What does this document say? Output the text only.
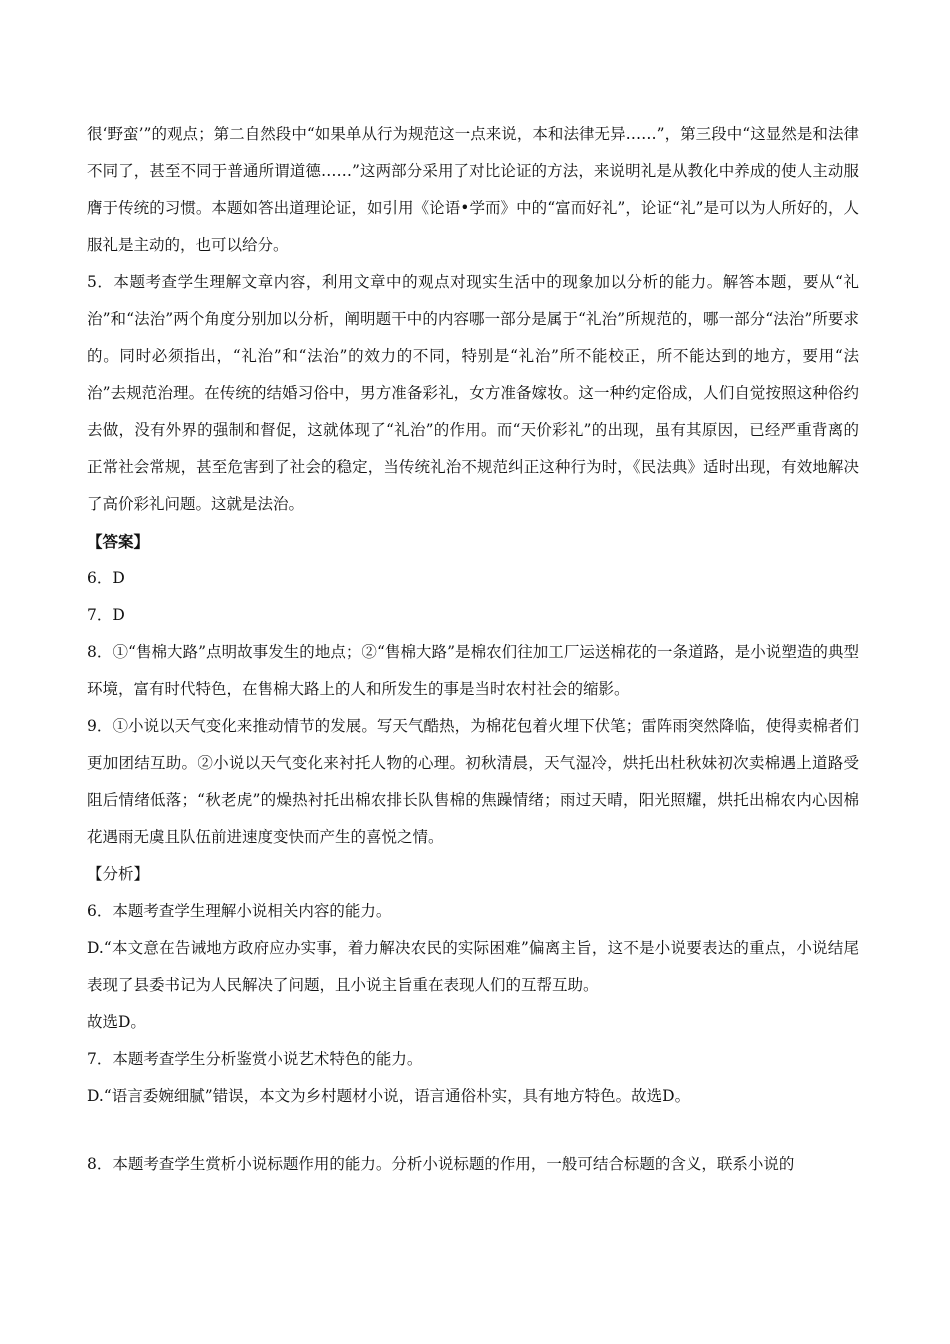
很‘野蛮’”的观点；第二自然段中“如果单从行为规范这一点来说，本和法律无异……”，第三段中“这显然是和法律不同了，甚至不同于普通所谓道德……”这两部分采用了对比论证的方法，来说明礼是从教化中养成的使人主动服膺于传统的习惯。本题如答出道理论证，如引用《论语•学而》中的“富而好礼”，论证“礼”是可以为人所好的，人服礼是主动的，也可以给分。

5．本题考查学生理解文章内容，利用文章中的观点对现实生活中的现象加以分析的能力。解答本题，要从“礼治”和“法治”两个角度分别加以分析，阐明题干中的内容哪一部分是属于“礼治”所规范的，哪一部分“法治”所要求的。同时必须指出，“礼治”和“法治”的效力的不同，特别是“礼治”所不能校正，所不能达到的地方，要用“法治”去规范治理。在传统的结婚习俗中，男方准备彩礼，女方准备嫁妆。这一种约定俗成，人们自觉按照这种俗约去做，没有外界的强制和督促，这就体现了“礼治”的作用。而“天价彩礼”的出现，虽有其原因，已经严重背离的正常社会常规，甚至危害到了社会的稳定，当传统礼治不规范纠正这种行为时，《民法典》适时出现，有效地解决了高价彩礼问题。这就是法治。

【答案】

6．D

7．D

8．①“售棉大路”点明故事发生的地点；②“售棉大路”是棉农们往加工厂运送棉花的一条道路，是小说塑造的典型环境，富有时代特色，在售棉大路上的人和所发生的事是当时农村社会的缩影。

9．①小说以天气变化来推动情节的发展。写天气酷热，为棉花包着火埋下伏笔；雷阵雨突然降临，使得卖棉者们更加团结互助。②小说以天气变化来衬托人物的心理。初秋清晨，天气湿冷，烘托出杜秋妹初次卖棉遇上道路受阻后情绪低落；“秋老虎”的燥热衬托出棉农排长队售棉的焦躁情绪；雨过天晴，阳光照耀，烘托出棉农内心因棉花遇雨无虞且队伍前进速度变快而产生的喜悦之情。

【分析】

6．本题考查学生理解小说相关内容的能力。

D.“本文意在告诫地方政府应办实事，着力解决农民的实际困难”偏离主旨，这不是小说要表达的重点，小说结尾表现了县委书记为人民解决了问题，且小说主旨重在表现人们的互帮互助。

故选D。

7．本题考查学生分析鉴赏小说艺术特色的能力。

D.“语言委婉细腻”错误，本文为乡村题材小说，语言通俗朴实，具有地方特色。故选D。

8．本题考查学生赏析小说标题作用的能力。分析小说标题的作用，一般可结合标题的含义，联系小说的
